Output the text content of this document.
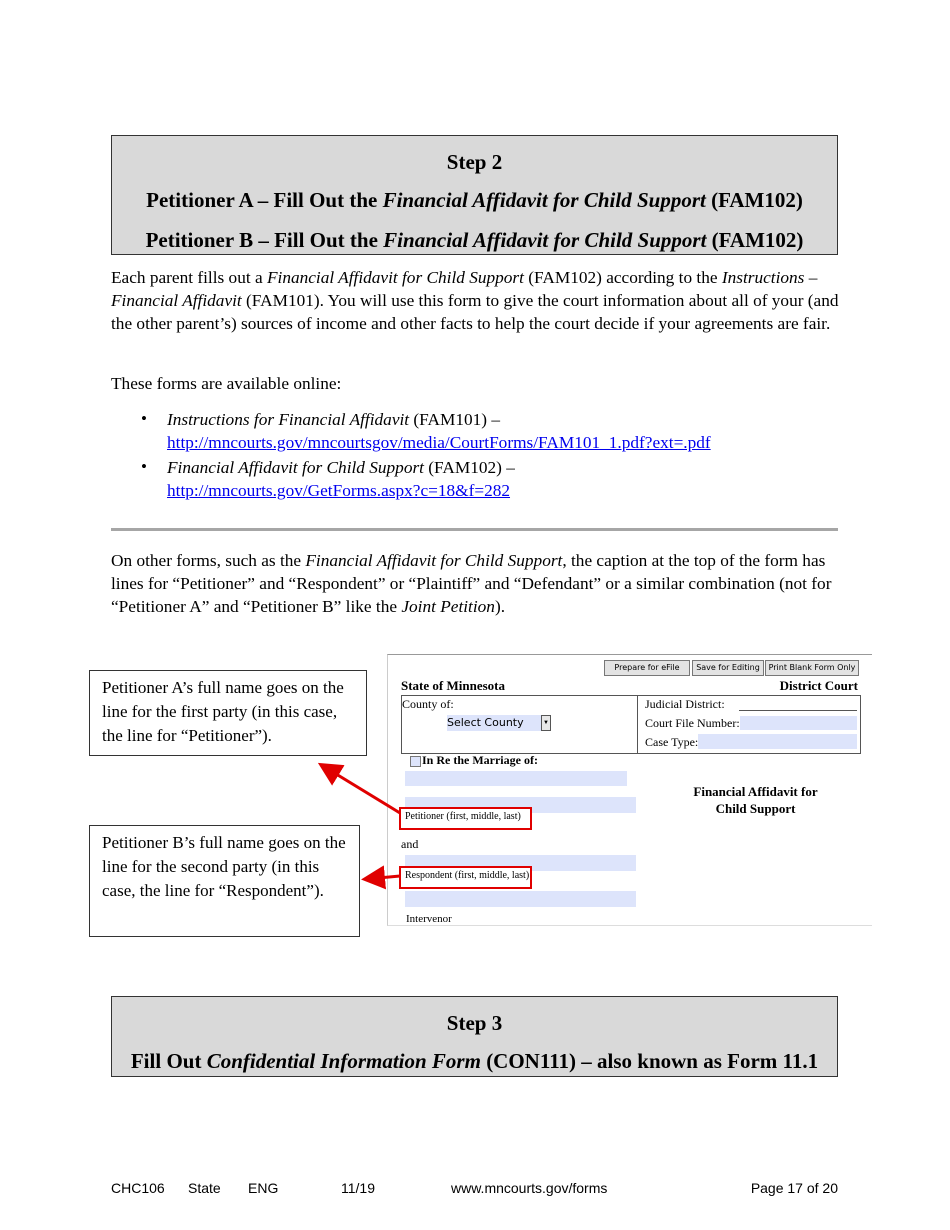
Step 2
Petitioner A – Fill Out the Financial Affidavit for Child Support (FAM102)
Petitioner B – Fill Out the Financial Affidavit for Child Support (FAM102)
Each parent fills out a Financial Affidavit for Child Support (FAM102) according to the Instructions – Financial Affidavit (FAM101). You will use this form to give the court information about all of your (and the other parent’s) sources of income and other facts to help the court decide if your agreements are fair.
These forms are available online:
• Instructions for Financial Affidavit (FAM101) –
http://mncourts.gov/mncourtsgov/media/CourtForms/FAM101_1.pdf?ext=.pdf
• Financial Affidavit for Child Support (FAM102) –
http://mncourts.gov/GetForms.aspx?c=18&f=282
On other forms, such as the Financial Affidavit for Child Support, the caption at the top of the form has lines for “Petitioner” and “Respondent” or “Plaintiff” and “Defendant” or a similar combination (not for “Petitioner A” and “Petitioner B” like the Joint Petition).
Prepare for eFile	Save for Editing	Print Blank Form Only
State of Minnesota	District Court
County of:
Select County	▼
Judicial District:
Court File Number:
Case Type:
In Re the Marriage of:
and
Intervenor
Financial Affidavit for
Child Support
Petitioner (first, middle, last)
Respondent (first, middle, last)
Petitioner A’s full name goes on the line for the first party (in this case, the line for “Petitioner”).
Petitioner B’s full name goes on the line for the second party (in this case, the line for “Respondent”).
Step 3
Fill Out Confidential Information Form (CON111) – also known as Form 11.1
CHC106 State ENG	11/19	www.mncourts.gov/forms	Page 17 of 20
